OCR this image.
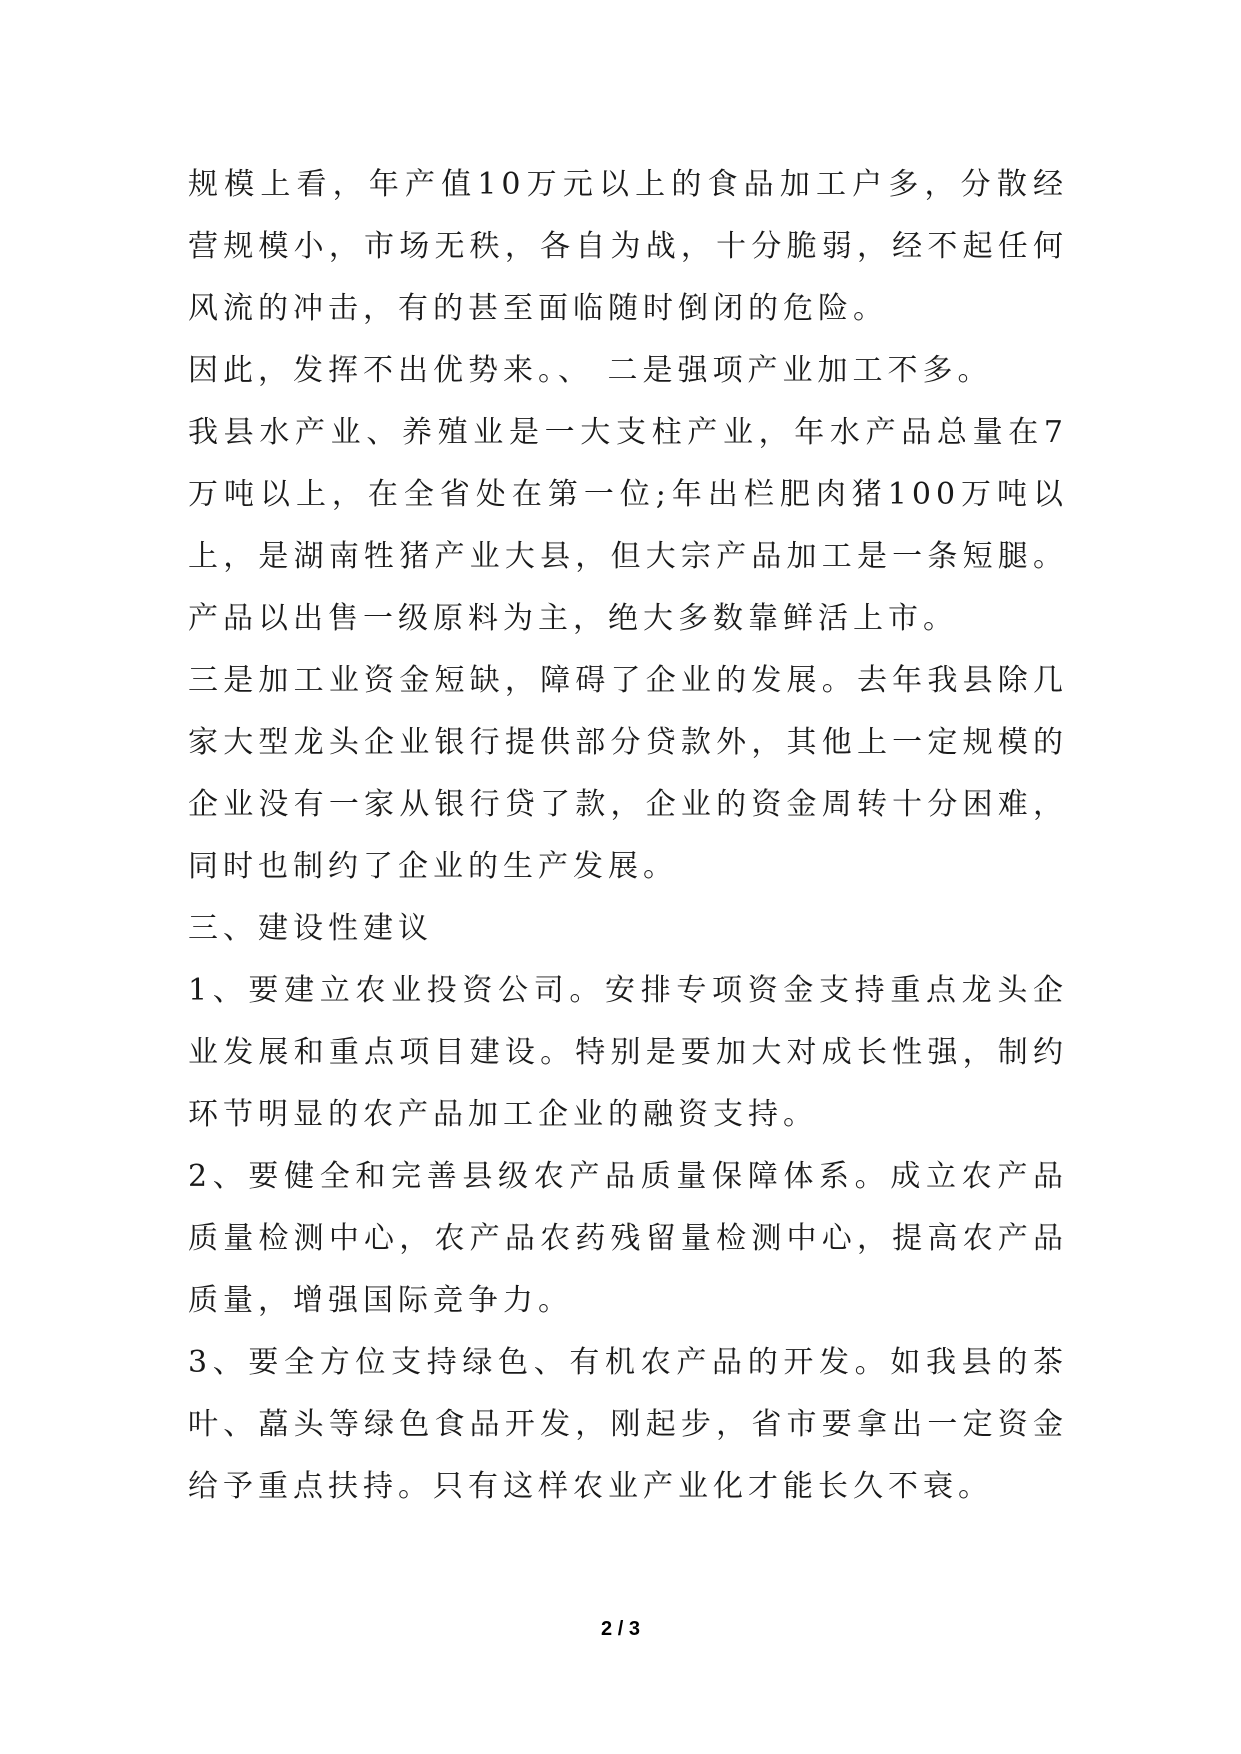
规模上看，年产值10万元以上的食品加工户多，分散经营规模小，市场无秩，各自为战，十分脆弱，经不起任何风流的冲击，有的甚至面临随时倒闭的危险。

因此，发挥不出优势来。、 二是强项产业加工不多。

我县水产业、养殖业是一大支柱产业，年水产品总量在7万吨以上，在全省处在第一位;年出栏肥肉猪100万吨以上，是湖南牲猪产业大县，但大宗产品加工是一条短腿。产品以出售一级原料为主，绝大多数靠鲜活上市。

三是加工业资金短缺，障碍了企业的发展。去年我县除几家大型龙头企业银行提供部分贷款外，其他上一定规模的企业没有一家从银行贷了款，企业的资金周转十分困难，同时也制约了企业的生产发展。

三、建设性建议

1、要建立农业投资公司。安排专项资金支持重点龙头企业发展和重点项目建设。特别是要加大对成长性强，制约环节明显的农产品加工企业的融资支持。

2、要健全和完善县级农产品质量保障体系。成立农产品质量检测中心，农产品农药残留量检测中心，提高农产品质量，增强国际竞争力。

3、要全方位支持绿色、有机农产品的开发。如我县的茶叶、藠头等绿色食品开发，刚起步，省市要拿出一定资金给予重点扶持。只有这样农业产业化才能长久不衰。

2 / 3
